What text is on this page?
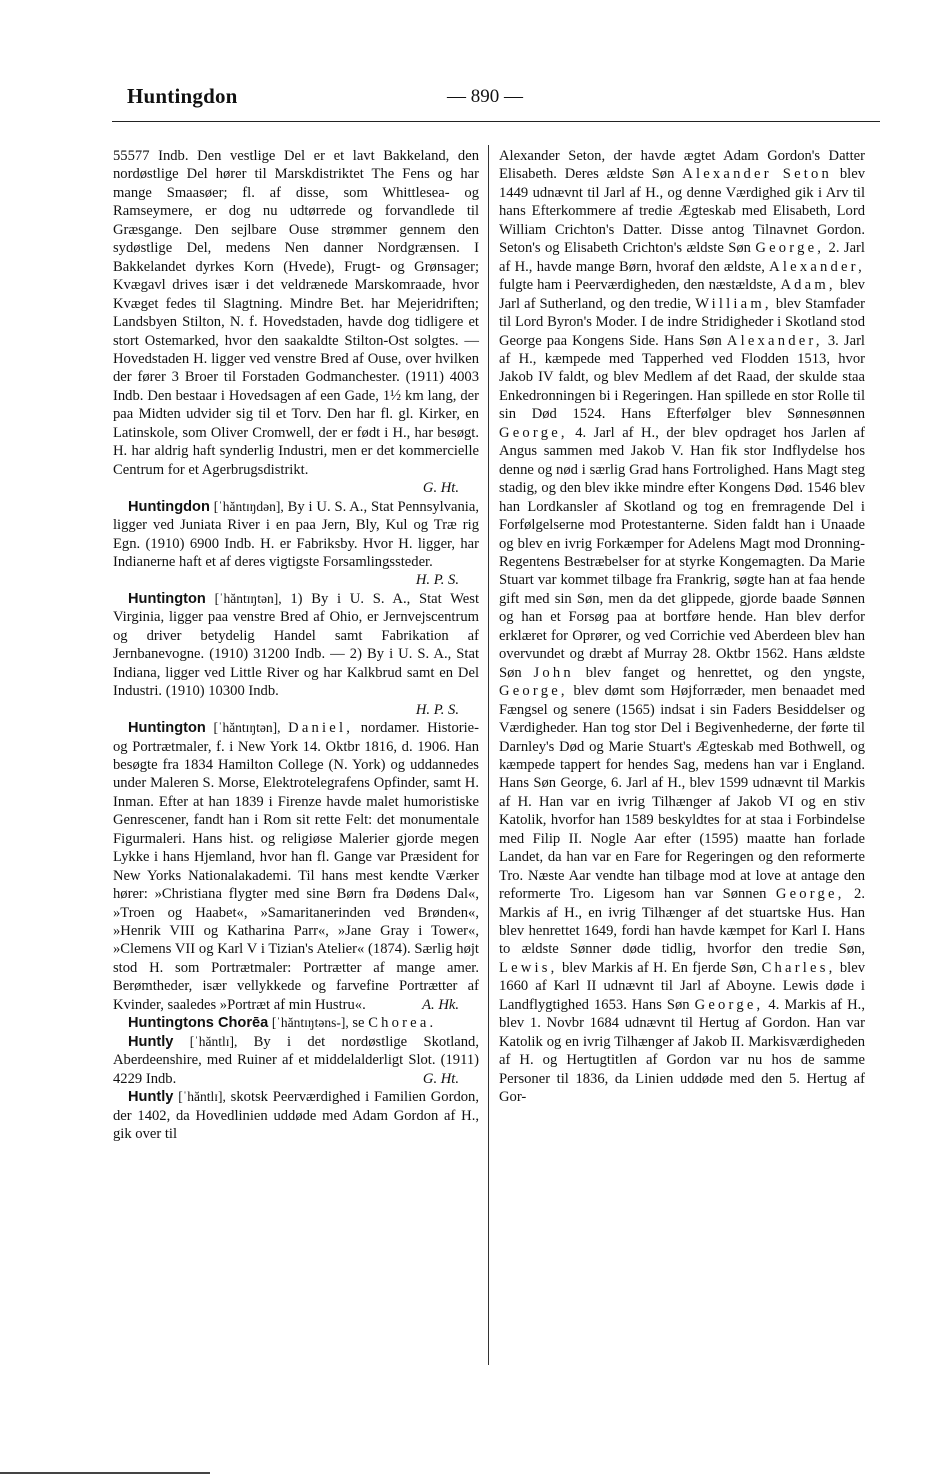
Huntingdon	— 890 —

55577 Indb. Den vestlige Del er et lavt Bakkeland, den nordøstlige Del hører til Marskdistriktet The Fens og har mange Smaasøer; fl. af disse, som Whittlesea- og Ramseymere, er dog nu udtørrede og forvandlede til Græsgange. Den sejlbare Ouse strømmer gennem den sydøstlige Del, medens Nen danner Nordgrænsen. I Bakkelandet dyrkes Korn (Hvede), Frugt- og Grønsager; Kvægavl drives især i det veldrænede Marskomraade, hvor Kvæget fedes til Slagtning. Mindre Bet. har Mejeridriften; Landsbyen Stilton, N. f. Hovedstaden, havde dog tidligere et stort Ostemarked, hvor den saakaldte Stilton-Ost solgtes. — Hovedstaden H. ligger ved venstre Bred af Ouse, over hvilken der fører 3 Broer til Forstaden Godmanchester. (1911) 4003 Indb. Den bestaar i Hovedsagen af een Gade, 1½ km lang, der paa Midten udvider sig til et Torv. Den har fl. gl. Kirker, en Latinskole, som Oliver Cromwell, der er født i H., har besøgt. H. har aldrig haft synderlig Industri, men er det kommercielle Centrum for et Agerbrugsdistrikt.
G. Ht.

Huntingdon [ˈhăntɪŋdən], By i U. S. A., Stat Pennsylvania, ligger ved Juniata River i en paa Jern, Bly, Kul og Træ rig Egn. (1910) 6900 Indb. H. er Fabriksby. Hvor H. ligger, har Indianerne haft et af deres vigtigste Forsamlingssteder.
H. P. S.

Huntington [ˈhăntɪŋtən], 1) By i U. S. A., Stat West Virginia, ligger paa venstre Bred af Ohio, er Jernvejscentrum og driver betydelig Handel samt Fabrikation af Jernbanevogne. (1910) 31200 Indb. — 2) By i U. S. A., Stat Indiana, ligger ved Little River og har Kalkbrud samt en Del Industri. (1910) 10300 Indb.
H. P. S.

Huntington [ˈhăntɪŋtən], Daniel, nordamer. Historie- og Portrætmaler, f. i New York 14. Oktbr 1816, d. 1906. Han besøgte fra 1834 Hamilton College (N. York) og uddannedes under Maleren S. Morse, Elektrotelegrafens Opfinder, samt H. Inman. Efter at han 1839 i Firenze havde malet humoristiske Genrescener, fandt han i Rom sit rette Felt: det monumentale Figurmaleri. Hans hist. og religiøse Malerier gjorde megen Lykke i hans Hjemland, hvor han fl. Gange var Præsident for New Yorks Nationalakademi. Til hans mest kendte Værker hører: »Christiana flygter med sine Børn fra Dødens Dal«, »Troen og Haabet«, »Samaritanerinden ved Brønden«, »Henrik VIII og Katharina Parr«, »Jane Gray i Tower«, »Clemens VII og Karl V i Tizian's Atelier« (1874). Særlig højt stod H. som Portrætmaler: Portrætter af mange amer. Berømtheder, især vellykkede og farvefine Portrætter af Kvinder, saaledes »Portræt af min Hustru«.	A. Hk.

Huntingtons Chorēa [ˈhăntɪŋtəns-], se Chorea.

Huntly [ˈhăntlɪ], By i det nordøstlige Skotland, Aberdeenshire, med Ruiner af et middelalderligt Slot. (1911) 4229 Indb.	G. Ht.

Huntly [ˈhăntlɪ], skotsk Peerværdighed i Familien Gordon, der 1402, da Hovedlinien uddøde med Adam Gordon af H., gik over til

Alexander Seton, der havde ægtet Adam Gordon's Datter Elisabeth. Deres ældste Søn Alexander Seton blev 1449 udnævnt til Jarl af H., og denne Værdighed gik i Arv til hans Efterkommere af tredie Ægteskab med Elisabeth, Lord William Crichton's Datter. Disse antog Tilnavnet Gordon. Seton's og Elisabeth Crichton's ældste Søn George, 2. Jarl af H., havde mange Børn, hvoraf den ældste, Alexander, fulgte ham i Peerværdigheden, den næstældste, Adam, blev Jarl af Sutherland, og den tredie, William, blev Stamfader til Lord Byron's Moder. I de indre Stridigheder i Skotland stod George paa Kongens Side. Hans Søn Alexander, 3. Jarl af H., kæmpede med Tapperhed ved Flodden 1513, hvor Jakob IV faldt, og blev Medlem af det Raad, der skulde staa Enkedronningen bi i Regeringen. Han spillede en stor Rolle til sin Død 1524. Hans Efterfølger blev Sønnesønnen George, 4. Jarl af H., der blev opdraget hos Jarlen af Angus sammen med Jakob V. Han fik stor Indflydelse hos denne og nød i særlig Grad hans Fortrolighed. Hans Magt steg stadig, og den blev ikke mindre efter Kongens Død. 1546 blev han Lordkansler af Skotland og tog en fremragende Del i Forfølgelserne mod Protestanterne. Siden faldt han i Unaade og blev en ivrig Forkæmper for Adelens Magt mod Dronning-Regentens Bestræbelser for at styrke Kongemagten. Da Marie Stuart var kommet tilbage fra Frankrig, søgte han at faa hende gift med sin Søn, men da det glippede, gjorde baade Sønnen og han et Forsøg paa at bortføre hende. Han blev derfor erklæret for Oprører, og ved Corrichie ved Aberdeen blev han overvundet og dræbt af Murray 28. Oktbr 1562. Hans ældste Søn John blev fanget og henrettet, og den yngste, George, blev dømt som Højforræder, men benaadet med Fængsel og senere (1565) indsat i sin Faders Besiddelser og Værdigheder. Han tog stor Del i Begivenhederne, der førte til Darnley's Død og Marie Stuart's Ægteskab med Bothwell, og kæmpede tappert for hendes Sag, medens han var i England. Hans Søn George, 6. Jarl af H., blev 1599 udnævnt til Markis af H. Han var en ivrig Tilhænger af Jakob VI og en stiv Katolik, hvorfor han 1589 beskyldtes for at staa i Forbindelse med Filip II. Nogle Aar efter (1595) maatte han forlade Landet, da han var en Fare for Regeringen og den reformerte Tro. Næste Aar vendte han tilbage mod at love at antage den reformerte Tro. Ligesom han var Sønnen George, 2. Markis af H., en ivrig Tilhænger af det stuartske Hus. Han blev henrettet 1649, fordi han havde kæmpet for Karl I. Hans to ældste Sønner døde tidlig, hvorfor den tredie Søn, Lewis, blev Markis af H. En fjerde Søn, Charles, blev 1660 af Karl II udnævnt til Jarl af Aboyne. Lewis døde i Landflygtighed 1653. Hans Søn George, 4. Markis af H., blev 1. Novbr 1684 udnævnt til Hertug af Gordon. Han var Katolik og en ivrig Tilhænger af Jakob II. Markisværdigheden af H. og Hertugtitlen af Gordon var nu hos de samme Personer til 1836, da Linien uddøde med den 5. Hertug af Gor-
